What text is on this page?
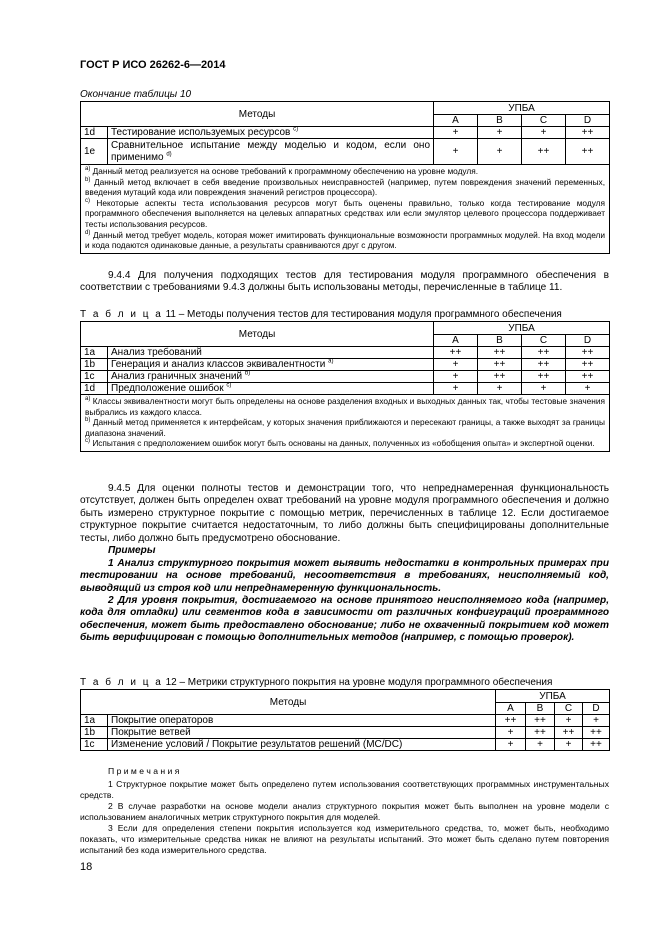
ГОСТ Р ИСО 26262-6—2014
Окончание таблицы 10
Методы		УПБА			
		A	B	C	D
1d	Тестирование используемых ресурсов $^{c)}$	+	+	+	++
1e	Сравнительное испытание между моделью и кодом, если оно применимо $^{d)}$	+	+	++	++

$^{a)}$ Данный метод реализуется на основе требований к программному обеспечению на уровне модуля.

$^{b)}$ Данный метод включает в себя введение произвольных неисправностей (например, путем повреждения значений переменных, введения мутаций кода или повреждения значений регистров процессора).

$^{c)}$ Некоторые аспекты теста использования ресурсов могут быть оценены правильно, только когда тестирование модуля программного обеспечения выполняется на целевых аппаратных средствах или если эмулятор целевого процессора поддерживает тесты использования ресурсов.

$^{d)}$ Данный метод требует модель, которая может имитировать функциональные возможности программных модулей. На вход модели и кода подаются одинаковые данные, а результаты сравниваются друг с другом.					

9.4.4 Для получения подходящих тестов для тестирования модуля программного обеспечения в соответствии с требованиями 9.4.3 должны быть использованы методы, перечисленные в таблице 11.

Т а б л и ц а 11 – Методы получения тестов для тестирования модуля программного обеспечения
Методы		УПБА			
		A	B	C	D
1a	Анализ требований	++	++	++	++
1b	Генерация и анализ классов эквивалентности $^{a)}$	+	++	++	++
1c	Анализ граничных значений $^{b)}$	+	++	++	++
1d	Предположение ошибок $^{c)}$	+	+	+	+

$^{a)}$ Классы эквивалентности могут быть определены на основе разделения входных и выходных данных так, чтобы тестовые значения выбрались из каждого класса.

$^{b)}$ Данный метод применяется к интерфейсам, у которых значения приближаются и пересекают границы, а также выходят за границы диапазона значений.

$^{c)}$ Испытания с предположением ошибок могут быть основаны на данных, полученных из «обобщения опыта» и экспертной оценки.					

9.4.5 Для оценки полноты тестов и демонстрации того, что непреднамеренная функциональность отсутствует, должен быть определен охват требований на уровне модуля программного обеспечения и должно быть измерено структурное покрытие с помощью метрик, перечисленных в таблице 12. Если достигаемое структурное покрытие считается недостаточным, то либо должны быть специфицированы дополнительные тесты, либо должно быть предусмотрено обоснование.

Примеры

1 Анализ структурного покрытия может выявить недостатки в контрольных примерах при тестировании на основе требований, несоответствия в требованиях, неисполняемый код, выводящий из строя код или непреднамеренную функциональность.

2 Для уровня покрытия, достигаемого на основе принятого неисполняемого кода (например, кода для отладки) или сегментов кода в зависимости от различных конфигураций программного обеспечения, может быть предоставлено обоснование; либо не охваченный покрытием код может быть верифицирован с помощью дополнительных методов (например, с помощью проверок).

Т а б л и ц а 12 – Метрики структурного покрытия на уровне модуля программного обеспечения
Методы		УПБА			
		A	B	C	D
1a	Покрытие операторов	++	++	+	+
1b	Покрытие ветвей	+	++	++	++
1c	Изменение условий / Покрытие результатов решений (MC/DC)	+	+	+	++

П р и м е ч а н и я

1 Структурное покрытие может быть определено путем использования соответствующих программных инструментальных средств.

2 В случае разработки на основе модели анализ структурного покрытия может быть выполнен на уровне модели с использованием аналогичных метрик структурного покрытия для моделей.

3 Если для определения степени покрытия используется код измерительного средства, то, может быть, необходимо показать, что измерительные средства никак не влияют на результаты испытаний. Это может быть сделано путем повторения испытаний без кода измерительного средства.

18
